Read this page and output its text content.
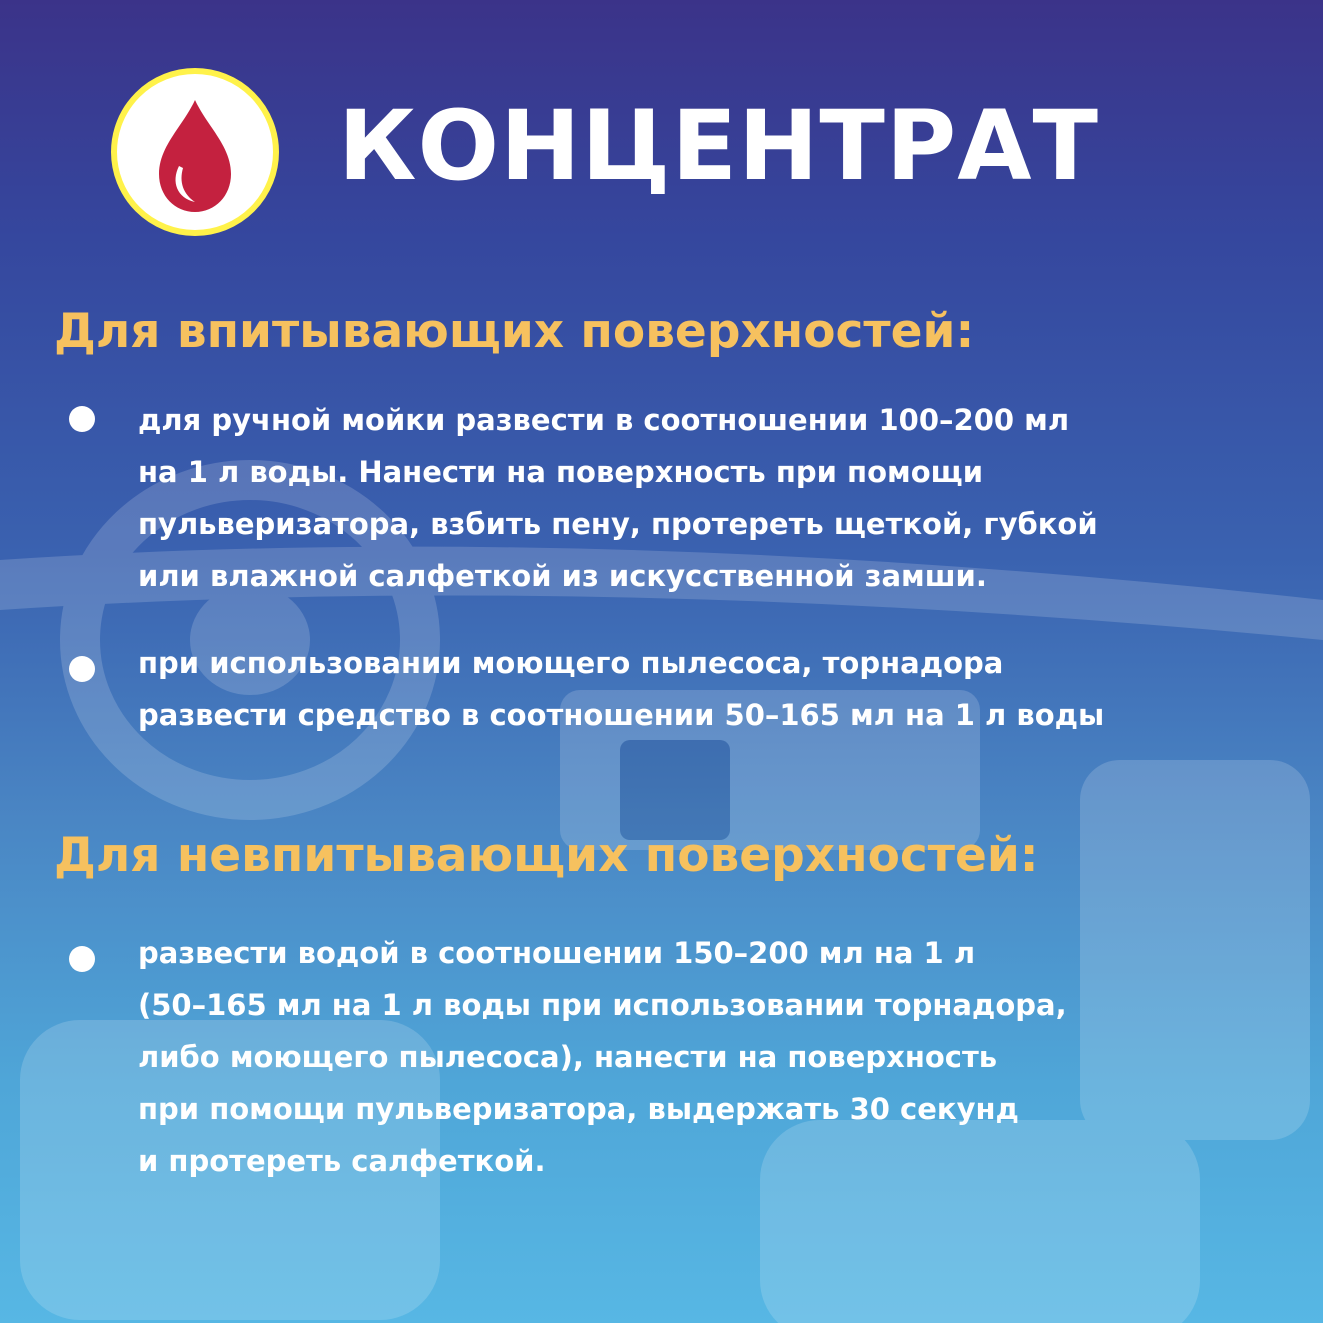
КОНЦЕНТРАТ
Для впитывающих поверхностей:

для ручной мойки развести в соотношении 100–200 мл
на 1 л воды. Нанести на поверхность при помощи
пульверизатора, взбить пену, протереть щеткой, губкой
или влажной салфеткой из искусственной замши.

при использовании моющего пылесоса, торнадора
развести средство в соотношении 50–165 мл на 1 л воды

Для невпитывающих поверхностей:

развести водой в соотношении 150–200 мл на 1 л
(50–165 мл на 1 л воды при использовании торнадора,
либо моющего пылесоса), нанести на поверхность
при помощи пульверизатора, выдержать 30 секунд
и протереть салфеткой.
